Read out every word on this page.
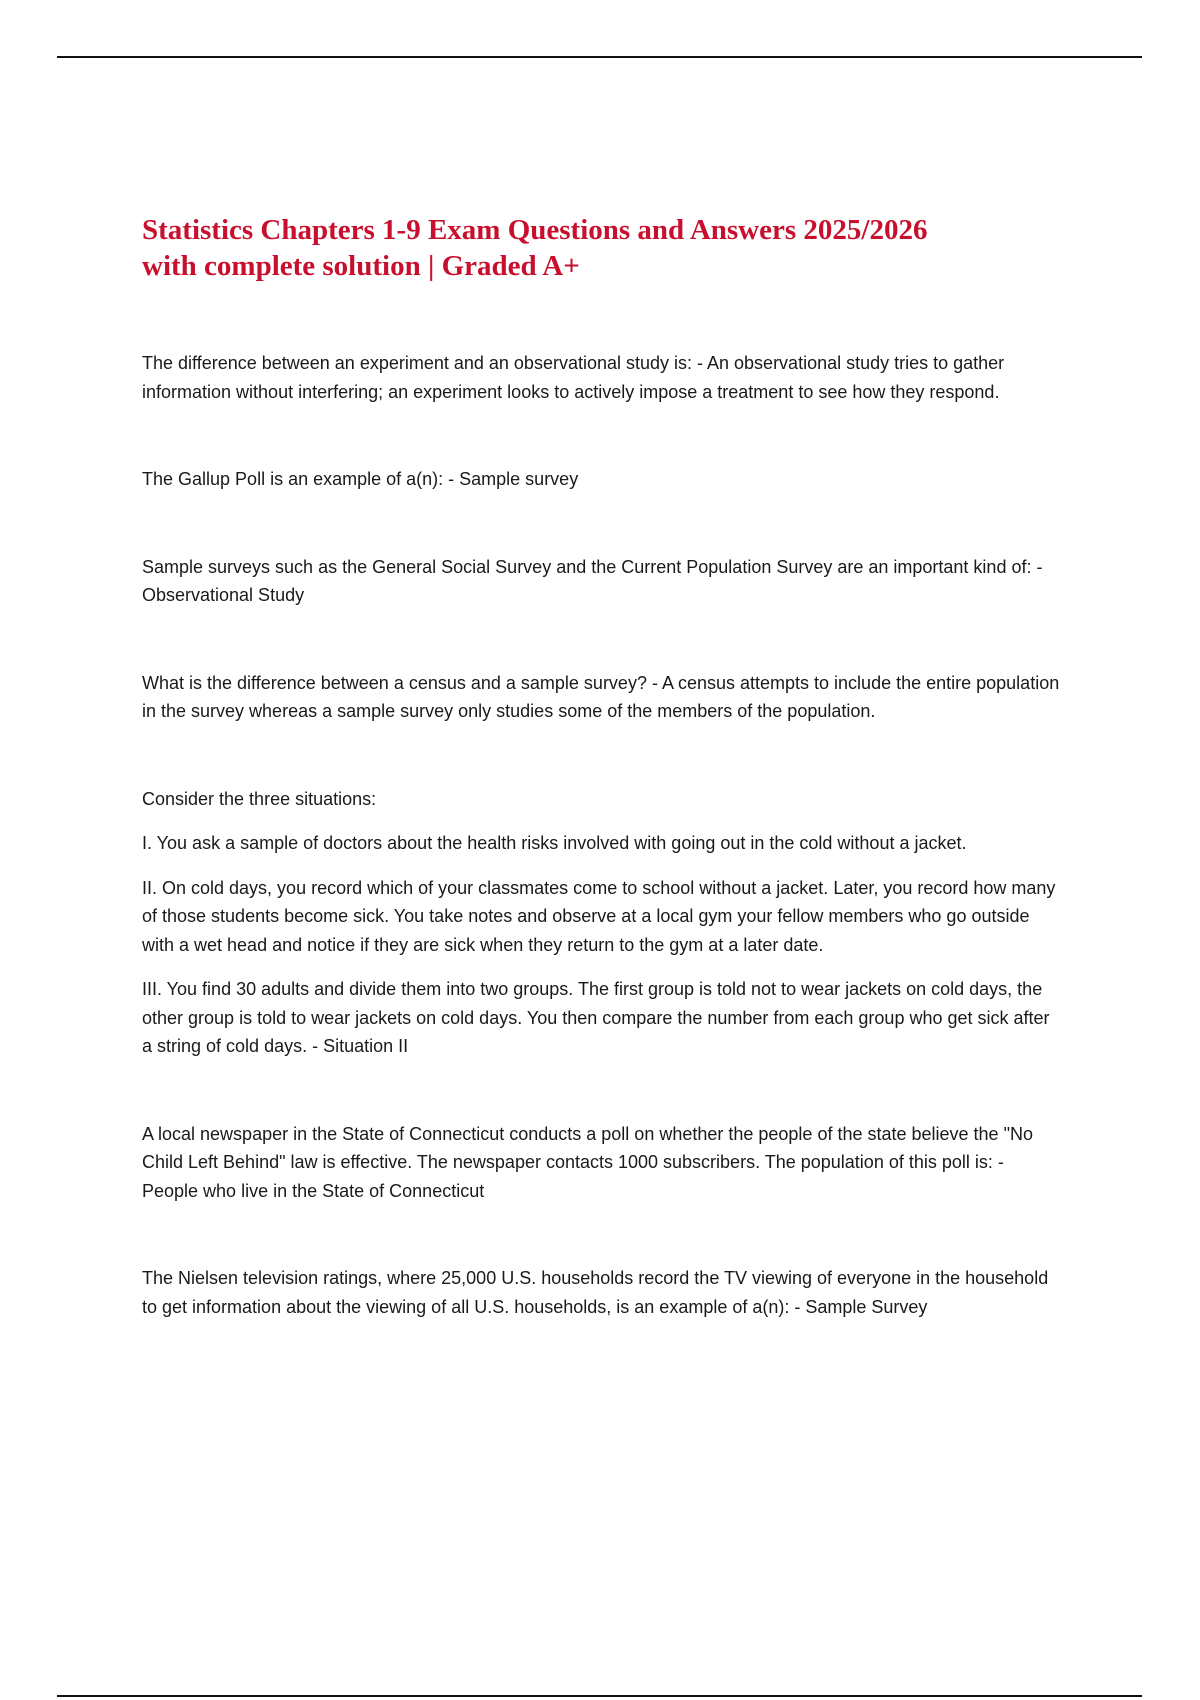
Statistics Chapters 1-9 Exam Questions and Answers 2025/2026
with complete solution | Graded A+

The difference between an experiment and an observational study is: - An observational study tries to gather information without interfering; an experiment looks to actively impose a treatment to see how they respond.

The Gallup Poll is an example of a(n): - Sample survey

Sample surveys such as the General Social Survey and the Current Population Survey are an important kind of: - Observational Study

What is the difference between a census and a sample survey? - A census attempts to include the entire population in the survey whereas a sample survey only studies some of the members of the population.

Consider the three situations:

I. You ask a sample of doctors about the health risks involved with going out in the cold without a jacket.

II. On cold days, you record which of your classmates come to school without a jacket. Later, you record how many of those students become sick. You take notes and observe at a local gym your fellow members who go outside with a wet head and notice if they are sick when they return to the gym at a later date.

III. You find 30 adults and divide them into two groups. The first group is told not to wear jackets on cold days, the other group is told to wear jackets on cold days. You then compare the number from each group who get sick after a string of cold days. - Situation II

A local newspaper in the State of Connecticut conducts a poll on whether the people of the state believe the "No Child Left Behind" law is effective. The newspaper contacts 1000 subscribers. The population of this poll is: - People who live in the State of Connecticut

The Nielsen television ratings, where 25,000 U.S. households record the TV viewing of everyone in the household to get information about the viewing of all U.S. households, is an example of a(n): - Sample Survey
